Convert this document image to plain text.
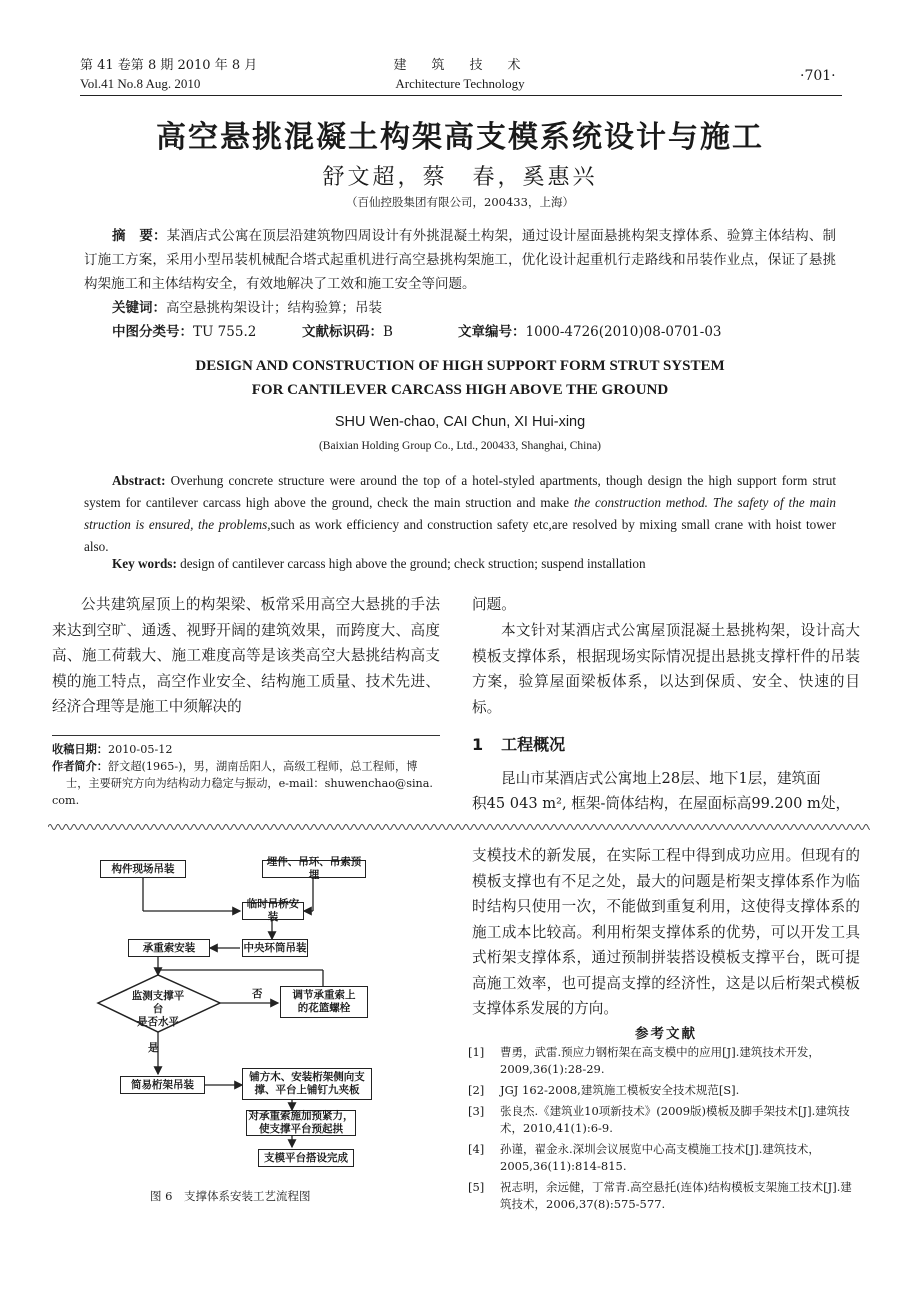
第 41 卷第 8 期 2010 年 8 月
Vol.41 No.8 Aug. 2010
建　筑　技　术
Architecture Technology	·701·
高空悬挑混凝土构架高支模系统设计与施工
舒文超，蔡　春，奚惠兴
（百仙控股集团有限公司，200433，上海）
摘　要：某酒店式公寓在顶层沿建筑物四周设计有外挑混凝土构架，通过设计屋面悬挑构架支撑体系、验算主体结构、制订施工方案，采用小型吊装机械配合塔式起重机进行高空悬挑构架施工，优化设计起重机行走路线和吊装作业点，保证了悬挑构架施工和主体结构安全，有效地解决了工效和施工安全等问题。
关键词：高空悬挑构架设计；结构验算；吊装
中图分类号：TU 755.2	文献标识码：B	文章编号：1000-4726(2010)08-0701-03
DESIGN AND CONSTRUCTION OF HIGH SUPPORT FORM STRUT SYSTEM
FOR CANTILEVER CARCASS HIGH ABOVE THE GROUND
SHU Wen-chao, CAI Chun, XI Hui-xing
(Baixian Holding Group Co., Ltd., 200433, Shanghai, China)
Abstract: Overhung concrete structure were around the top of a hotel-styled apartments, though design the high support form strut system for cantilever carcass high above the ground, check the main struction and make the construction method. The safety of the main struction is ensured, the problems,such as work efficiency and construction safety etc,are resolved by mixing small crane with hoist tower also.
Key words: design of cantilever carcass high above the ground; check struction; suspend installation
公共建筑屋顶上的构架梁、板常采用高空大悬挑的手法来达到空旷、通透、视野开阔的建筑效果，而跨度大、高度高、施工荷载大、施工难度高等是该类高空大悬挑结构高支模的施工特点，高空作业安全、结构施工质量、技术先进、经济合理等是施工中须解决的
收稿日期：2010-05-12
作者简介：舒文超(1965-)，男，湖南岳阳人，高级工程师，总工程师，博
士，主要研究方向为结构动力稳定与振动，e-mail：shuwenchao@sina.
com.
问题。
本文针对某酒店式公寓屋顶混凝土悬挑构架，设计高大模板支撑体系，根据现场实际情况提出悬挑支撑杆件的吊装方案，验算屋面梁板体系，以达到保质、安全、快速的目标。
1 工程概况
昆山市某酒店式公寓地上28层、地下1层，建筑面
积45 043 m², 框架-筒体结构，在屋面标高99.200 m处，
构件现场吊装
埋件、吊环、吊索预埋
临时吊桥安装
承重索安装	中央环筒吊装
监测支撑平台
是否水平
否	调节承重索上
的花篮螺栓
是
简易桁架吊装
铺方木、安装桁架侧向支
撑、平台上铺钉九夹板
对承重索施加预紧力，
使支撑平台预起拱
支模平台搭设完成
图 6　支撑体系安装工艺流程图
支模技术的新发展，在实际工程中得到成功应用。但现有的模板支撑也有不足之处，最大的问题是桁架支撑体系作为临时结构只使用一次，不能做到重复利用，这使得支撑体系的施工成本比较高。利用桁架支撑体系的优势，可以开发工具式桁架支撑体系，通过预制拼装搭设模板支撑平台，既可提高施工效率，也可提高支撑的经济性，这是以后桁架式模板支撑体系发展的方向。
参考文献
[1]	曹勇，武雷.预应力钢桁架在高支模中的应用[J].建筑技术开发，2009,36(1):28-29.
[2]	JGJ 162-2008,建筑施工模板安全技术规范[S].
[3]	张良杰.《建筑业10项新技术》(2009版)模板及脚手架技术[J].建筑技术，2010,41(1):6-9.
[4]	孙谨，翟金永.深圳会议展览中心高支模施工技术[J].建筑技术，2005,36(11):814-815.
[5]	祝志明，余远健，丁常青.高空悬托(连体)结构模板支架施工技术[J].建筑技术，2006,37(8):575-577.
